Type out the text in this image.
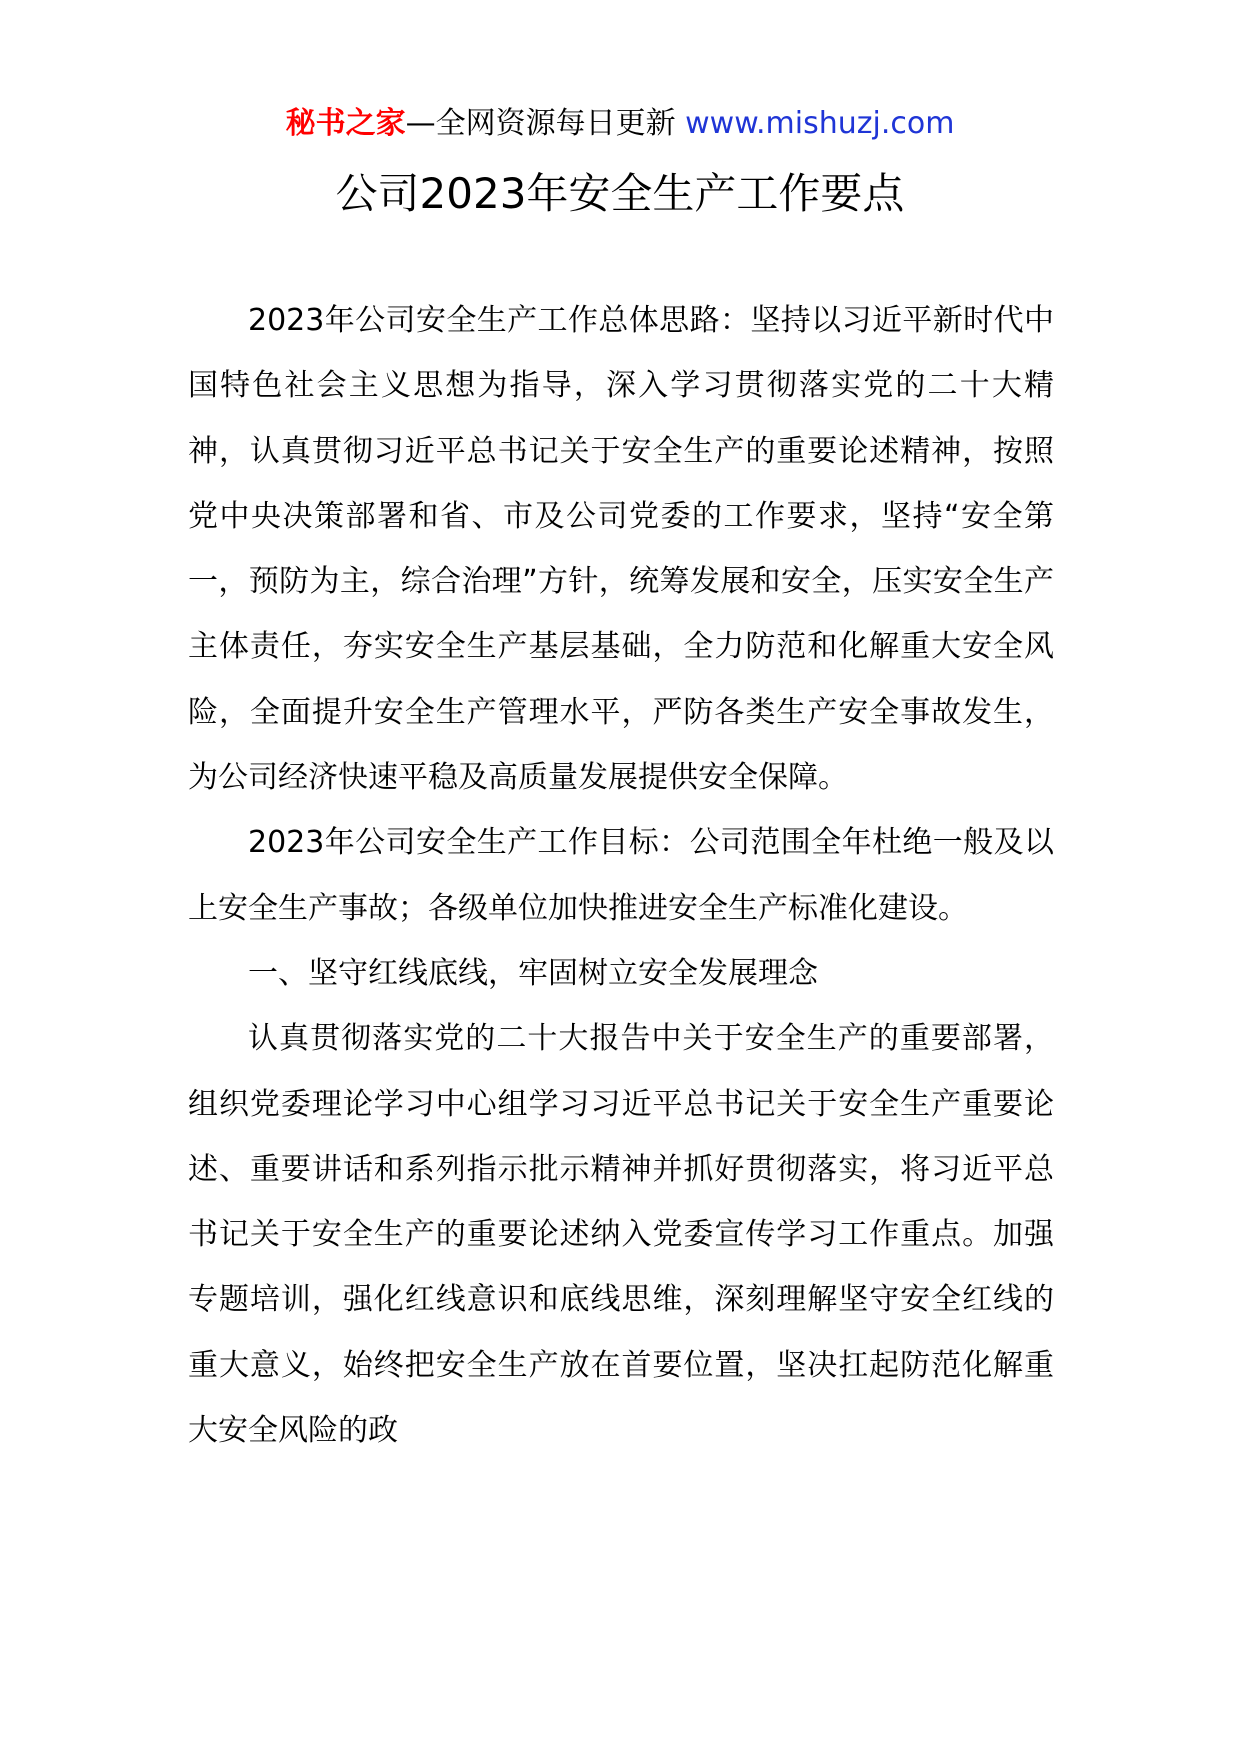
秘书之家—全网资源每日更新 www.mishuzj.com
公司2023年安全生产工作要点

2023年公司安全生产工作总体思路：坚持以习近平新时代中国特色社会主义思想为指导，深入学习贯彻落实党的二十大精神，认真贯彻习近平总书记关于安全生产的重要论述精神，按照党中央决策部署和省、市及公司党委的工作要求，坚持“安全第一，预防为主，综合治理”方针，统筹发展和安全，压实安全生产主体责任，夯实安全生产基层基础，全力防范和化解重大安全风险，全面提升安全生产管理水平，严防各类生产安全事故发生，为公司经济快速平稳及高质量发展提供安全保障。

2023年公司安全生产工作目标：公司范围全年杜绝一般及以上安全生产事故；各级单位加快推进安全生产标准化建设。

一、坚守红线底线，牢固树立安全发展理念

认真贯彻落实党的二十大报告中关于安全生产的重要部署，组织党委理论学习中心组学习习近平总书记关于安全生产重要论述、重要讲话和系列指示批示精神并抓好贯彻落实，将习近平总书记关于安全生产的重要论述纳入党委宣传学习工作重点。加强专题培训，强化红线意识和底线思维，深刻理解坚守安全红线的重大意义，始终把安全生产放在首要位置，坚决扛起防范化解重大安全风险的政
